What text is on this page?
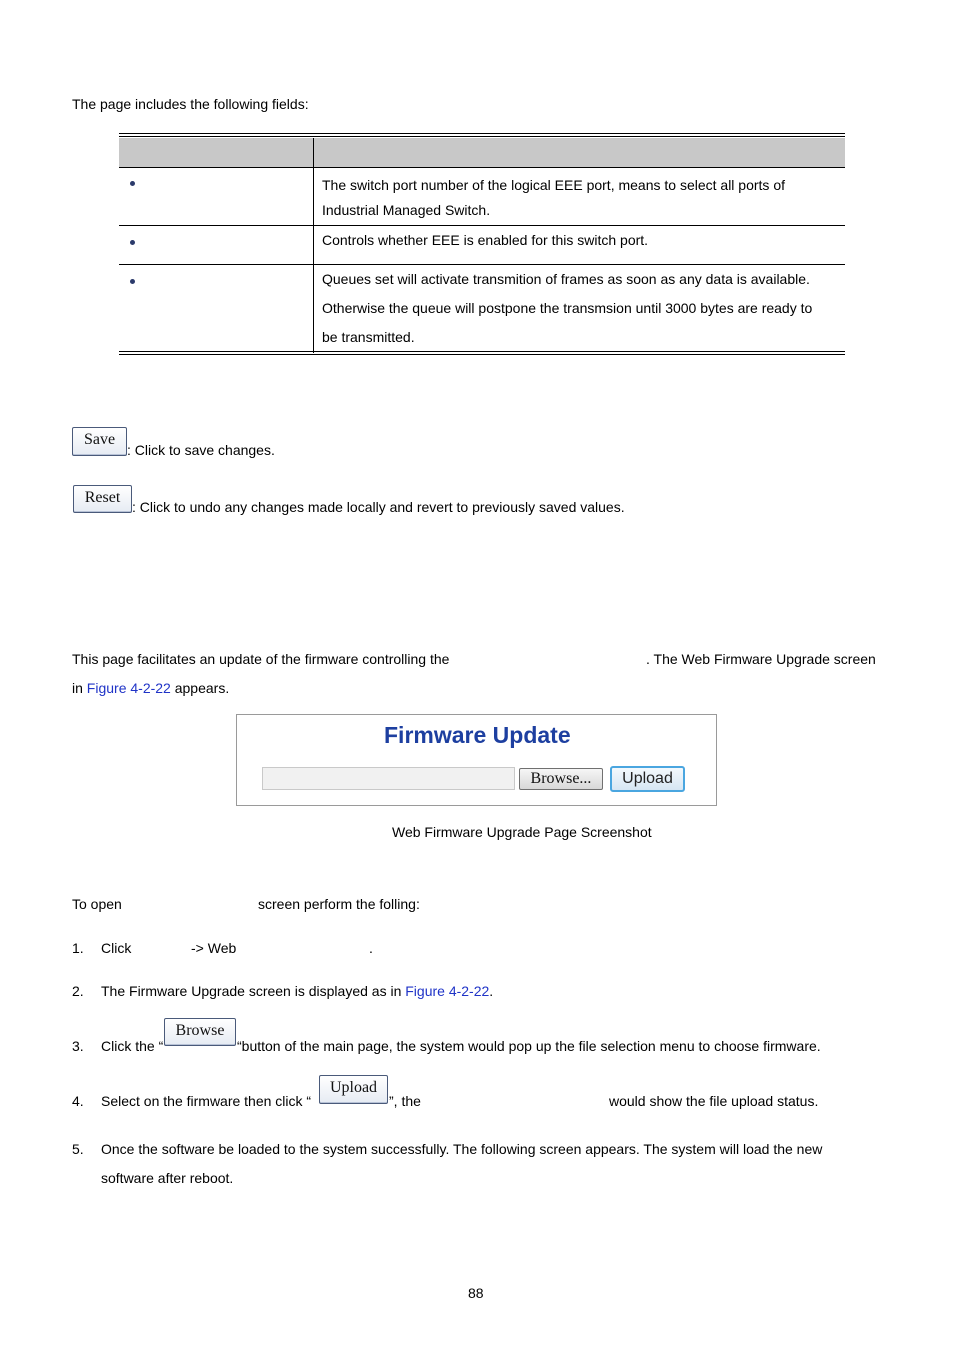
The page includes the following fields:
The switch port number of the logical EEE port, means to select all ports of
Industrial Managed Switch.
Controls whether EEE is enabled for this switch port.
Queues set will activate transmition of frames as soon as any data is available.
Otherwise the queue will postpone the transmsion until 3000 bytes are ready to
be transmitted.
Save
: Click to save changes.
Reset
: Click to undo any changes made locally and revert to previously saved values.
This page facilitates an update of the firmware controlling the	. The Web Firmware Upgrade screen
in Figure 4-2-22 appears.
Firmware Update
Browse...	Upload
Web Firmware Upgrade Page Screenshot
To open	screen perform the folling:
1. Click	-> Web	.
2. The Firmware Upgrade screen is displayed as in Figure 4-2-22.
3. Click the “
Browse
“button of the main page, the system would pop up the file selection menu to choose firmware.
4. Select on the firmware then click “
Upload
”, the	would show the file upload status.
5. Once the software be loaded to the system successfully. The following screen appears. The system will load the new
software after reboot.
88
